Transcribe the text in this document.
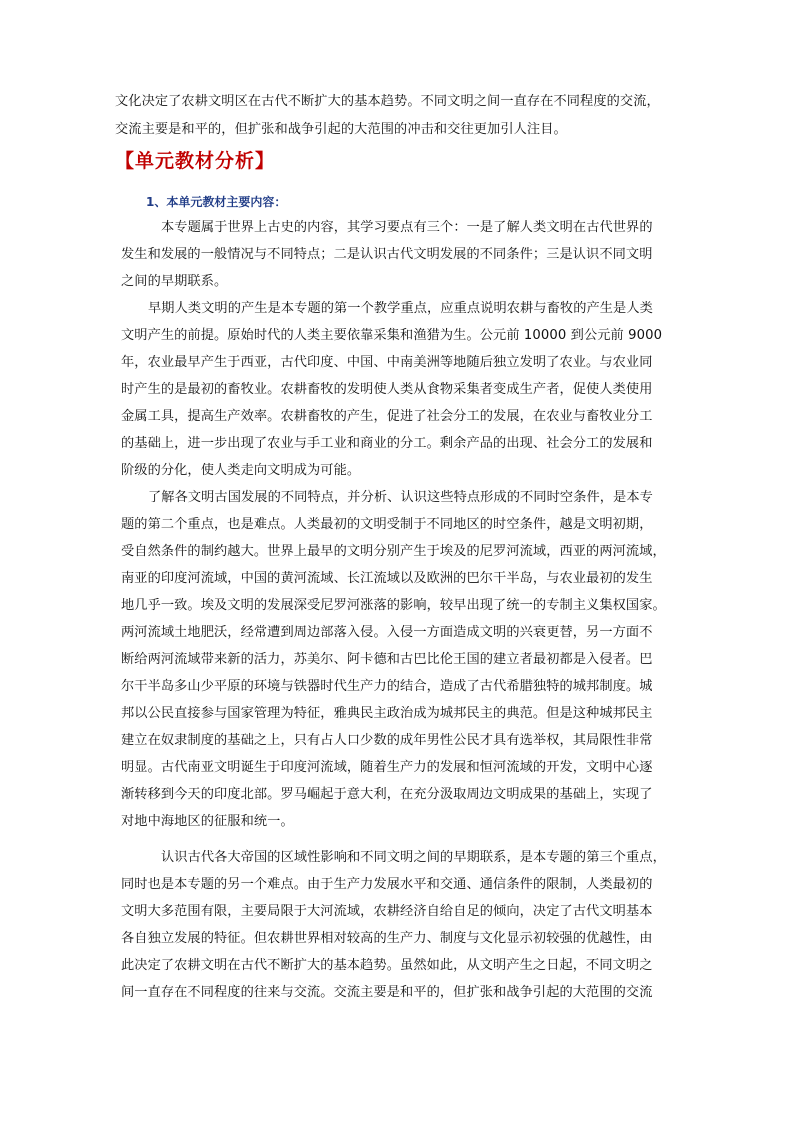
文化决定了农耕文明区在古代不断扩大的基本趋势。不同文明之间一直存在不同程度的交流，
交流主要是和平的，但扩张和战争引起的大范围的冲击和交往更加引人注目。
【单元教材分析】
1、本单元教材主要内容：
本专题属于世界上古史的内容，其学习要点有三个：一是了解人类文明在古代世界的
发生和发展的一般情况与不同特点；二是认识古代文明发展的不同条件；三是认识不同文明
之间的早期联系。
早期人类文明的产生是本专题的第一个教学重点，应重点说明农耕与畜牧的产生是人类
文明产生的前提。原始时代的人类主要依靠采集和渔猎为生。公元前 10000 到公元前 9000
年，农业最早产生于西亚，古代印度、中国、中南美洲等地随后独立发明了农业。与农业同
时产生的是最初的畜牧业。农耕畜牧的发明使人类从食物采集者变成生产者，促使人类使用
金属工具，提高生产效率。农耕畜牧的产生，促进了社会分工的发展，在农业与畜牧业分工
的基础上，进一步出现了农业与手工业和商业的分工。剩余产品的出现、社会分工的发展和
阶级的分化，使人类走向文明成为可能。
了解各文明古国发展的不同特点，并分析、认识这些特点形成的不同时空条件，是本专
题的第二个重点，也是难点。人类最初的文明受制于不同地区的时空条件，越是文明初期，
受自然条件的制约越大。世界上最早的文明分别产生于埃及的尼罗河流域，西亚的两河流域，
南亚的印度河流域，中国的黄河流域、长江流域以及欧洲的巴尔干半岛，与农业最初的发生
地几乎一致。埃及文明的发展深受尼罗河涨落的影响，较早出现了统一的专制主义集权国家。
两河流域土地肥沃，经常遭到周边部落入侵。入侵一方面造成文明的兴衰更替，另一方面不
断给两河流域带来新的活力，苏美尔、阿卡德和古巴比伦王国的建立者最初都是入侵者。巴
尔干半岛多山少平原的环境与铁器时代生产力的结合，造成了古代希腊独特的城邦制度。城
邦以公民直接参与国家管理为特征，雅典民主政治成为城邦民主的典范。但是这种城邦民主
建立在奴隶制度的基础之上，只有占人口少数的成年男性公民才具有选举权，其局限性非常
明显。古代南亚文明诞生于印度河流域，随着生产力的发展和恒河流域的开发，文明中心逐
渐转移到今天的印度北部。罗马崛起于意大利，在充分汲取周边文明成果的基础上，实现了
对地中海地区的征服和统一。
认识古代各大帝国的区域性影响和不同文明之间的早期联系，是本专题的第三个重点，
同时也是本专题的另一个难点。由于生产力发展水平和交通、通信条件的限制，人类最初的
文明大多范围有限，主要局限于大河流域，农耕经济自给自足的倾向，决定了古代文明基本
各自独立发展的特征。但农耕世界相对较高的生产力、制度与文化显示初较强的优越性，由
此决定了农耕文明在古代不断扩大的基本趋势。虽然如此，从文明产生之日起，不同文明之
间一直存在不同程度的往来与交流。交流主要是和平的，但扩张和战争引起的大范围的交流
